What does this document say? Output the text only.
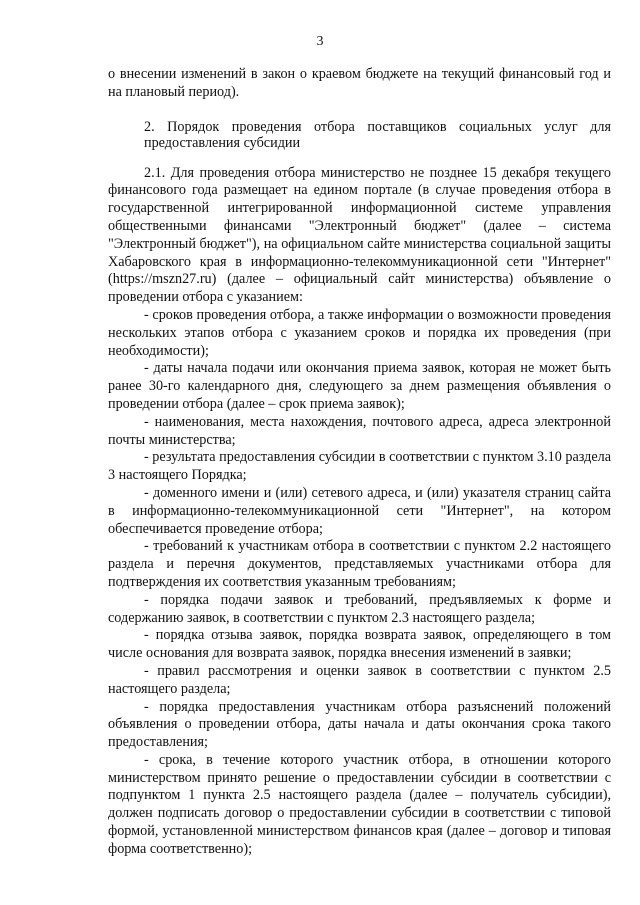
3

о внесении изменений в закон о краевом бюджете на текущий финансовый год и на плановый период).

2. Порядок проведения отбора поставщиков социальных услуг для предоставления субсидии

2.1. Для проведения отбора министерство не позднее 15 декабря текущего финансового года размещает на едином портале (в случае проведения отбора в государственной интегрированной информационной системе управления общественными финансами "Электронный бюджет" (далее – система "Электронный бюджет"), на официальном сайте министерства социальной защиты Хабаровского края в информационно-телекоммуникационной сети "Интернет" (https://mszn27.ru) (далее – официальный сайт министерства) объявление о проведении отбора с указанием:

- сроков проведения отбора, а также информации о возможности проведения нескольких этапов отбора с указанием сроков и порядка их проведения (при необходимости);

- даты начала подачи или окончания приема заявок, которая не может быть ранее 30-го календарного дня, следующего за днем размещения объявления о проведении отбора (далее – срок приема заявок);

- наименования, места нахождения, почтового адреса, адреса электронной почты министерства;

- результата предоставления субсидии в соответствии с пунктом 3.10 раздела 3 настоящего Порядка;

- доменного имени и (или) сетевого адреса, и (или) указателя страниц сайта в информационно-телекоммуникационной сети "Интернет", на котором обеспечивается проведение отбора;

- требований к участникам отбора в соответствии с пунктом 2.2 настоящего раздела и перечня документов, представляемых участниками отбора для подтверждения их соответствия указанным требованиям;

- порядка подачи заявок и требований, предъявляемых к форме и содержанию заявок, в соответствии с пунктом 2.3 настоящего раздела;

- порядка отзыва заявок, порядка возврата заявок, определяющего в том числе основания для возврата заявок, порядка внесения изменений в заявки;

- правил рассмотрения и оценки заявок в соответствии с пунктом 2.5 настоящего раздела;

- порядка предоставления участникам отбора разъяснений положений объявления о проведении отбора, даты начала и даты окончания срока такого предоставления;

- срока, в течение которого участник отбора, в отношении которого министерством принято решение о предоставлении субсидии в соответствии с подпунктом 1 пункта 2.5 настоящего раздела (далее – получатель субсидии), должен подписать договор о предоставлении субсидии в соответствии с типовой формой, установленной министерством финансов края (далее – договор и типовая форма соответственно);
